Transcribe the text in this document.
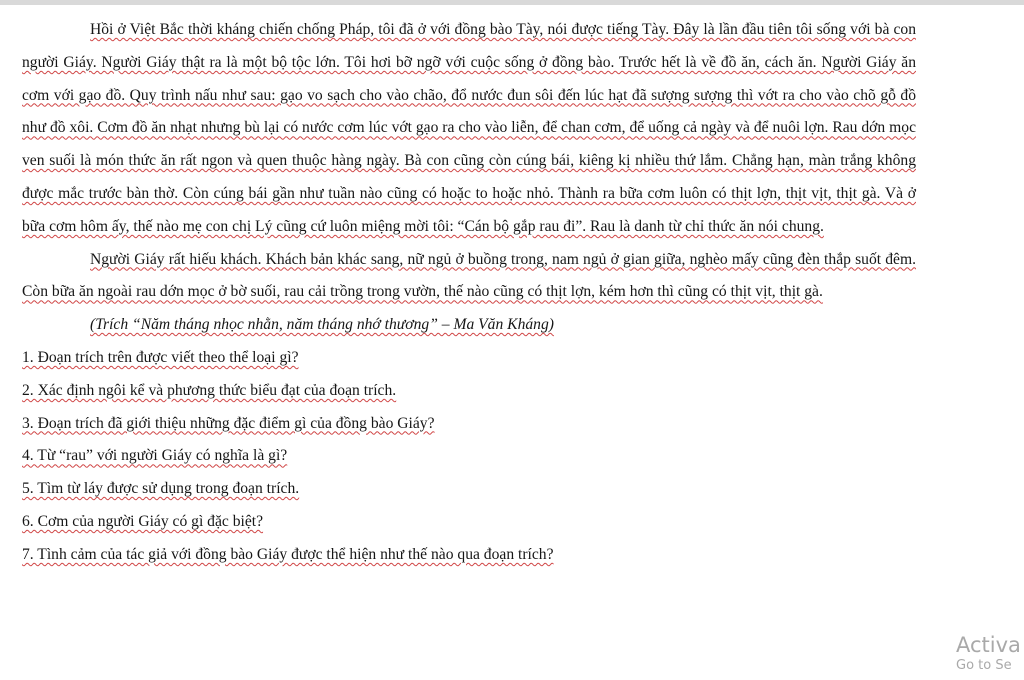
Hồi ở Việt Bắc thời kháng chiến chống Pháp, tôi đã ở với đồng bào Tày, nói được tiếng Tày. Đây là lần đầu tiên tôi sống với bà con người Giáy. Người Giáy thật ra là một bộ tộc lớn. Tôi hơi bỡ ngỡ với cuộc sống ở đồng bào. Trước hết là về đồ ăn, cách ăn. Người Giáy ăn cơm với gạo đồ. Quy trình nấu như sau: gạo vo sạch cho vào chão, đổ nước đun sôi đến lúc hạt đã sượng sượng thì vớt ra cho vào chõ gỗ đồ như đồ xôi. Cơm đồ ăn nhạt nhưng bù lại có nước cơm lúc vớt gạo ra cho vào liễn, để chan cơm, để uống cả ngày và để nuôi lợn. Rau dớn mọc ven suối là món thức ăn rất ngon và quen thuộc hàng ngày. Bà con cũng còn cúng bái, kiêng kị nhiều thứ lắm. Chẳng hạn, màn trắng không được mắc trước bàn thờ. Còn cúng bái gần như tuần nào cũng có hoặc to hoặc nhỏ. Thành ra bữa cơm luôn có thịt lợn, thịt vịt, thịt gà. Và ở bữa cơm hôm ấy, thế nào mẹ con chị Lý cũng cứ luôn miệng mời tôi: “Cán bộ gắp rau đi”. Rau là danh từ chỉ thức ăn nói chung.

Người Giáy rất hiếu khách. Khách bản khác sang, nữ ngủ ở buồng trong, nam ngủ ở gian giữa, nghèo mấy cũng đèn thắp suốt đêm. Còn bữa ăn ngoài rau dớn mọc ở bờ suối, rau cải trồng trong vườn, thế nào cũng có thịt lợn, kém hơn thì cũng có thịt vịt, thịt gà.

(Trích “Năm tháng nhọc nhằn, năm tháng nhớ thương” – Ma Văn Kháng)

1. Đoạn trích trên được viết theo thể loại gì?

2. Xác định ngôi kể và phương thức biểu đạt của đoạn trích.

3. Đoạn trích đã giới thiệu những đặc điểm gì của đồng bào Giáy?

4. Từ “rau” với người Giáy có nghĩa là gì?

5. Tìm từ láy được sử dụng trong đoạn trích.

6. Cơm của người Giáy có gì đặc biệt?

7. Tình cảm của tác giả với đồng bào Giáy được thể hiện như thế nào qua đoạn trích?

Activa
Go to Se
